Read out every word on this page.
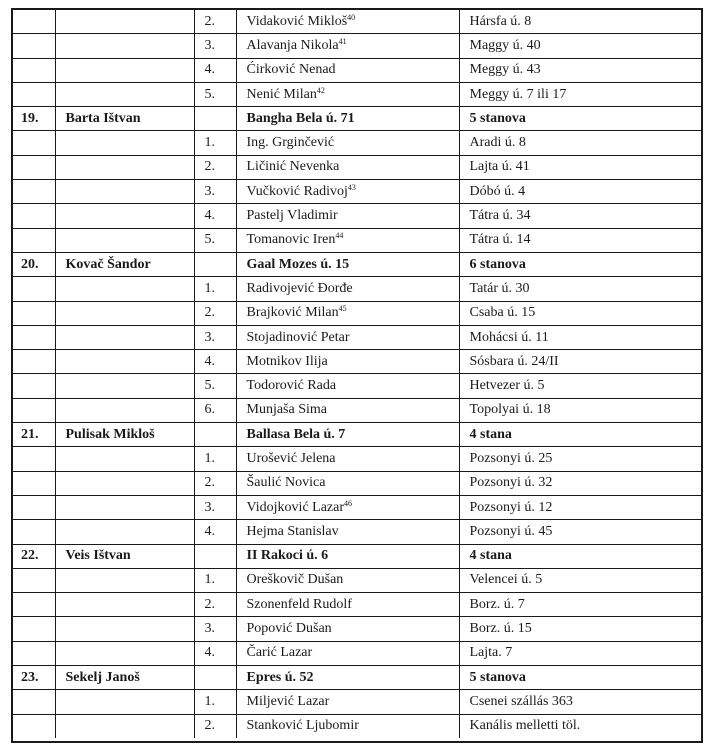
		2.	Vidaković Mikloš$^{40}$	Hársfa ú. 8
		3.	Alavanja Nikola$^{41}$	Maggy ú. 40
		4.	Ćirković Nenad	Meggy ú. 43
		5.	Nenić Milan$^{42}$	Meggy ú. 7 ili 17
19.	Barta Ištvan		Bangha Bela ú. 71	5 stanova
		1.	Ing. Grginčević	Aradi ú. 8
		2.	Ličinić Nevenka	Lajta ú. 41
		3.	Vučković Radivoj$^{43}$	Dóbó ú. 4
		4.	Pastelj Vladimir	Tátra ú. 34
		5.	Tomanovic Iren$^{44}$	Tátra ú. 14
20.	Kovač Šandor		Gaal Mozes ú. 15	6 stanova
		1.	Radivojević Đorđe	Tatár ú. 30
		2.	Brajković Milan$^{45}$	Csaba ú. 15
		3.	Stojadinović Petar	Mohácsi ú. 11
		4.	Motnikov Ilija	Sósbara ú. 24/II
		5.	Todorović Rada	Hetvezer ú. 5
		6.	Munjaša Sima	Topolyai ú. 18
21.	Pulisak Mikloš		Ballasa Bela ú. 7	4 stana
		1.	Urošević Jelena	Pozsonyi ú. 25
		2.	Šaulić Novica	Pozsonyi ú. 32
		3.	Vidojković Lazar$^{46}$	Pozsonyi ú. 12
		4.	Hejma Stanislav	Pozsonyi ú. 45
22.	Veis Ištvan		II Rakoci ú. 6	4 stana
		1.	Oreškovič Dušan	Velencei ú. 5
		2.	Szonenfeld Rudolf	Borz. ú. 7
		3.	Popović Dušan	Borz. ú. 15
		4.	Čarić Lazar	Lajta. 7
23.	Sekelj Janoš		Epres ú. 52	5 stanova
		1.	Miljević Lazar	Csenei szállás 363
		2.	Stanković Ljubomir	Kanális melletti töl.
